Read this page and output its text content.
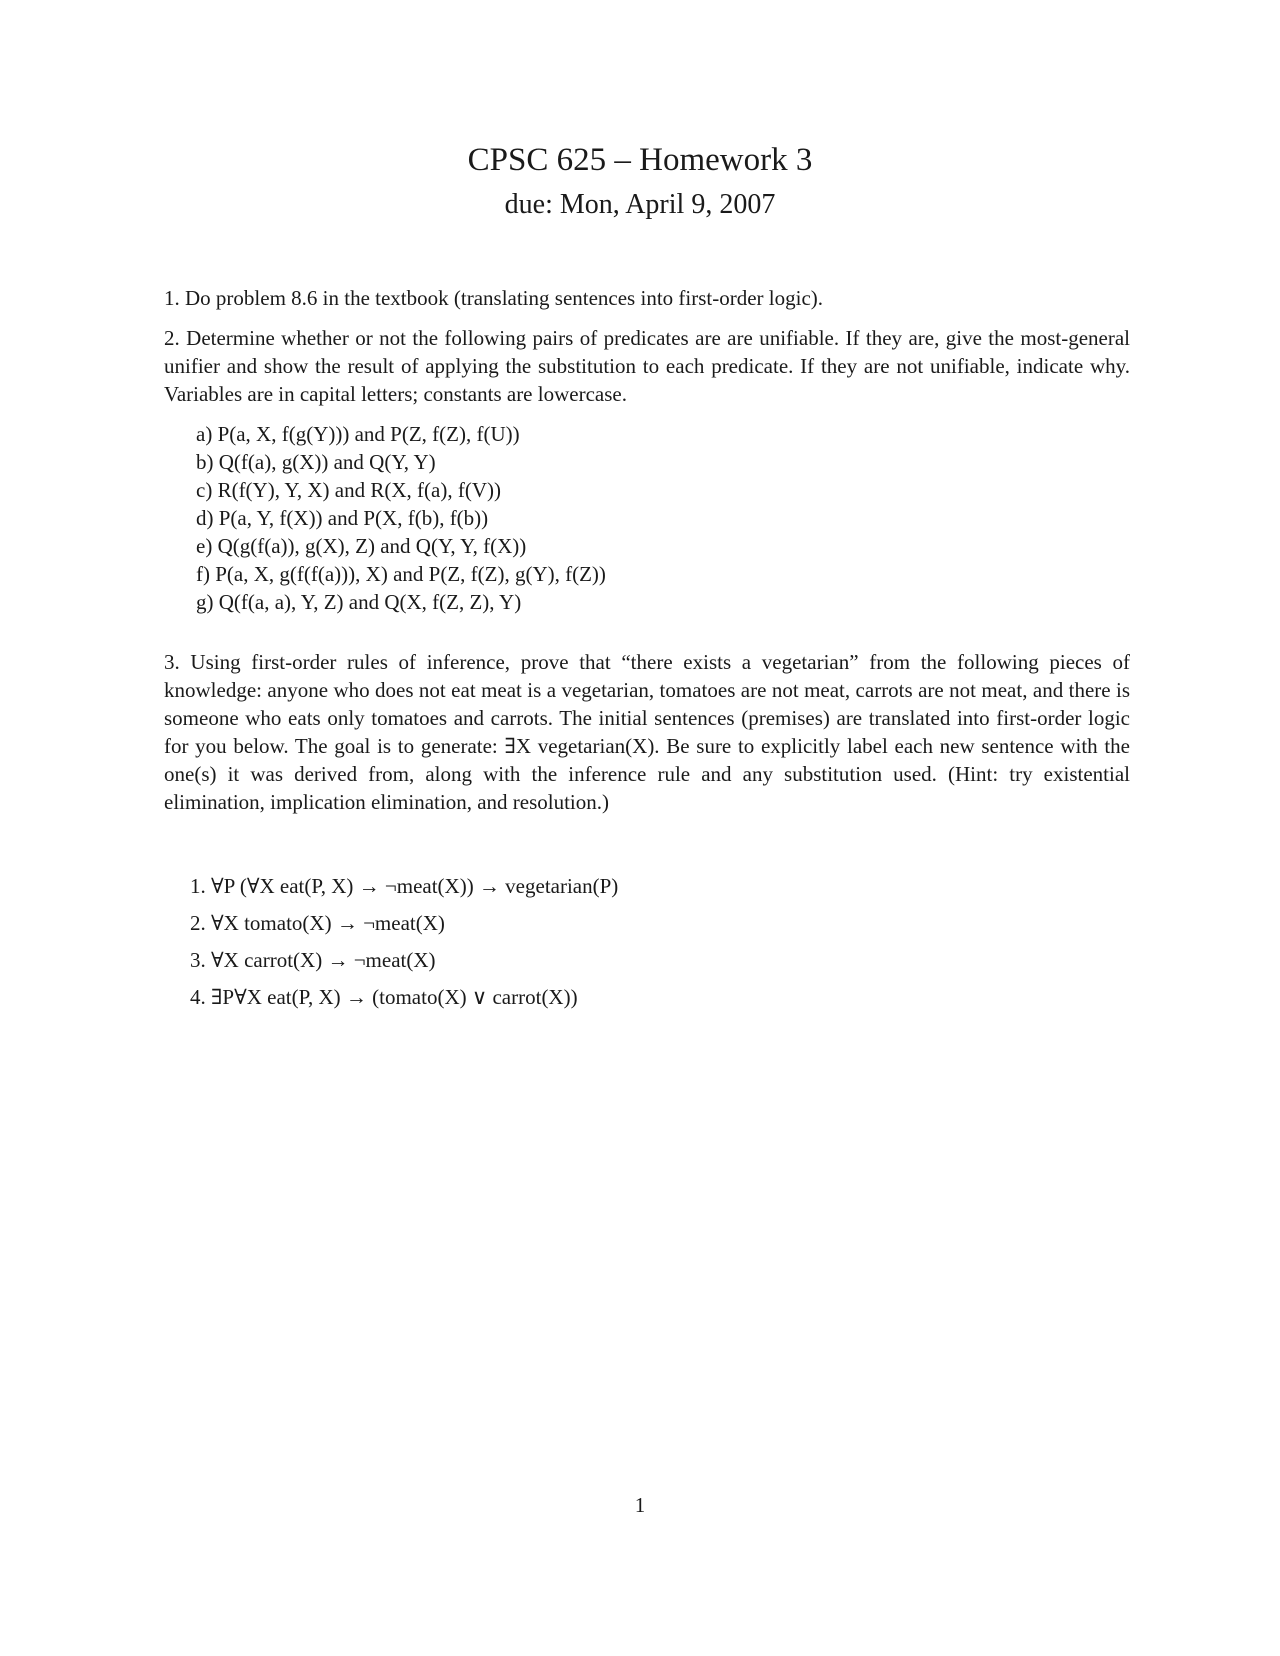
CPSC 625 – Homework 3
due: Mon, April 9, 2007
1. Do problem 8.6 in the textbook (translating sentences into first-order logic).
2. Determine whether or not the following pairs of predicates are are unifiable. If they are, give the most-general unifier and show the result of applying the substitution to each predicate. If they are not unifiable, indicate why. Variables are in capital letters; constants are lowercase.
a) P(a, X, f(g(Y))) and P(Z, f(Z), f(U))
b) Q(f(a), g(X)) and Q(Y, Y)
c) R(f(Y), Y, X) and R(X, f(a), f(V))
d) P(a, Y, f(X)) and P(X, f(b), f(b))
e) Q(g(f(a)), g(X), Z) and Q(Y, Y, f(X))
f) P(a, X, g(f(f(a))), X) and P(Z, f(Z), g(Y), f(Z))
g) Q(f(a, a), Y, Z) and Q(X, f(Z, Z), Y)
3. Using first-order rules of inference, prove that “there exists a vegetarian” from the following pieces of knowledge: anyone who does not eat meat is a vegetarian, tomatoes are not meat, carrots are not meat, and there is someone who eats only tomatoes and carrots. The initial sentences (premises) are translated into first-order logic for you below. The goal is to generate: ∃X vegetarian(X). Be sure to explicitly label each new sentence with the one(s) it was derived from, along with the inference rule and any substitution used. (Hint: try existential elimination, implication elimination, and resolution.)
1. ∀P (∀X eat(P, X) → ¬meat(X)) → vegetarian(P)
2. ∀X tomato(X) → ¬meat(X)
3. ∀X carrot(X) → ¬meat(X)
4. ∃P∀X eat(P, X) → (tomato(X) ∨ carrot(X))
1
